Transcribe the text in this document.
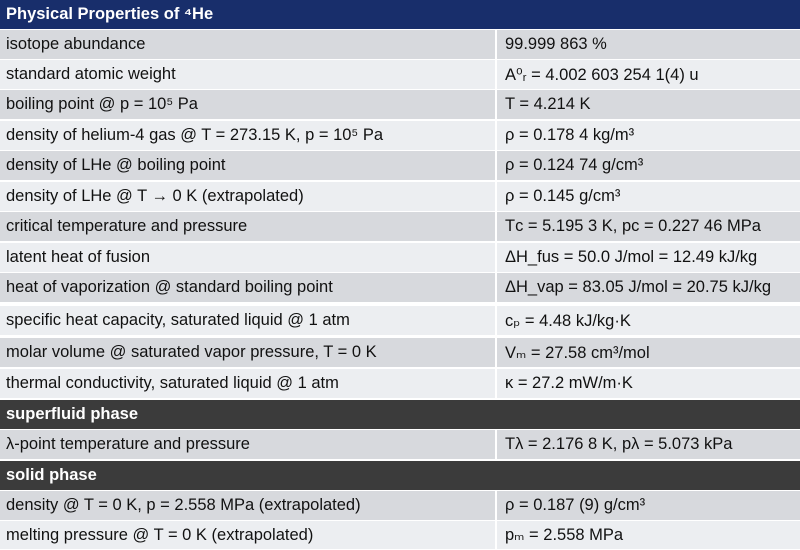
Physical Properties of ⁴He
isotope abundance	99.999 863 %
standard atomic weight	A⁰ᵣ = 4.002 603 254 1(4) u
boiling point @ p = 10⁵ Pa	T = 4.214 K
density of helium-4 gas @ T = 273.15 K, p = 10⁵ Pa	ρ = 0.178 4 kg/m³
density of LHe @ boiling point	ρ = 0.124 74 g/cm³
density of LHe @ T → 0 K (extrapolated)	ρ = 0.145 g/cm³
critical temperature and pressure	Tᴄ = 5.195 3 K, pᴄ = 0.227 46 MPa
latent heat of fusion	ΔH_fus = 50.0 J/mol = 12.49 kJ/kg
heat of vaporization @ standard boiling point	ΔH_vap = 83.05 J/mol = 20.75 kJ/kg
specific heat capacity, saturated liquid @ 1 atm	cₚ = 4.48 kJ/kg·K
molar volume @ saturated vapor pressure, T = 0 K	Vₘ = 27.58 cm³/mol
thermal conductivity, saturated liquid @ 1 atm	κ = 27.2 mW/m·K
superfluid phase
λ-point temperature and pressure	Tλ = 2.176 8 K, pλ = 5.073 kPa
solid phase
density @ T = 0 K, p = 2.558 MPa (extrapolated)	ρ = 0.187 (9) g/cm³
melting pressure @ T = 0 K (extrapolated)	pₘ = 2.558 MPa
